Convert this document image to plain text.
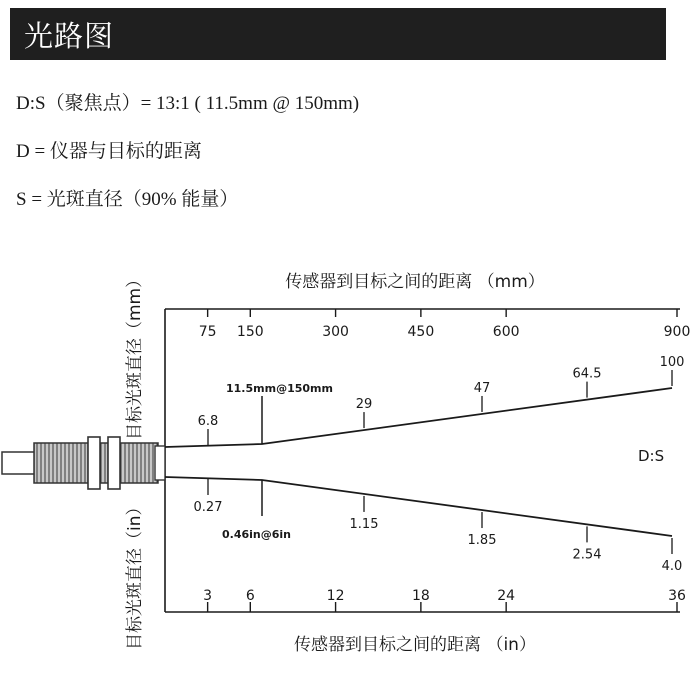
光路图
D:S（聚焦点）= 13:1 ( 11.5mm @ 150mm)
D = 仪器与目标的距离
S = 光斑直径（90% 能量）
目标光斑直径（mm）
目标光斑直径（in）
传感器到目标之间的距离 （mm）
传感器到目标之间的距离 （in）
11.5mm@150mm
0.46in@6in
D:S
75 150	300	450	600	900
3 6	12	18	24	36
6.8
29
47
64.5
100
0.27
1.15
1.85
2.54
4.0
